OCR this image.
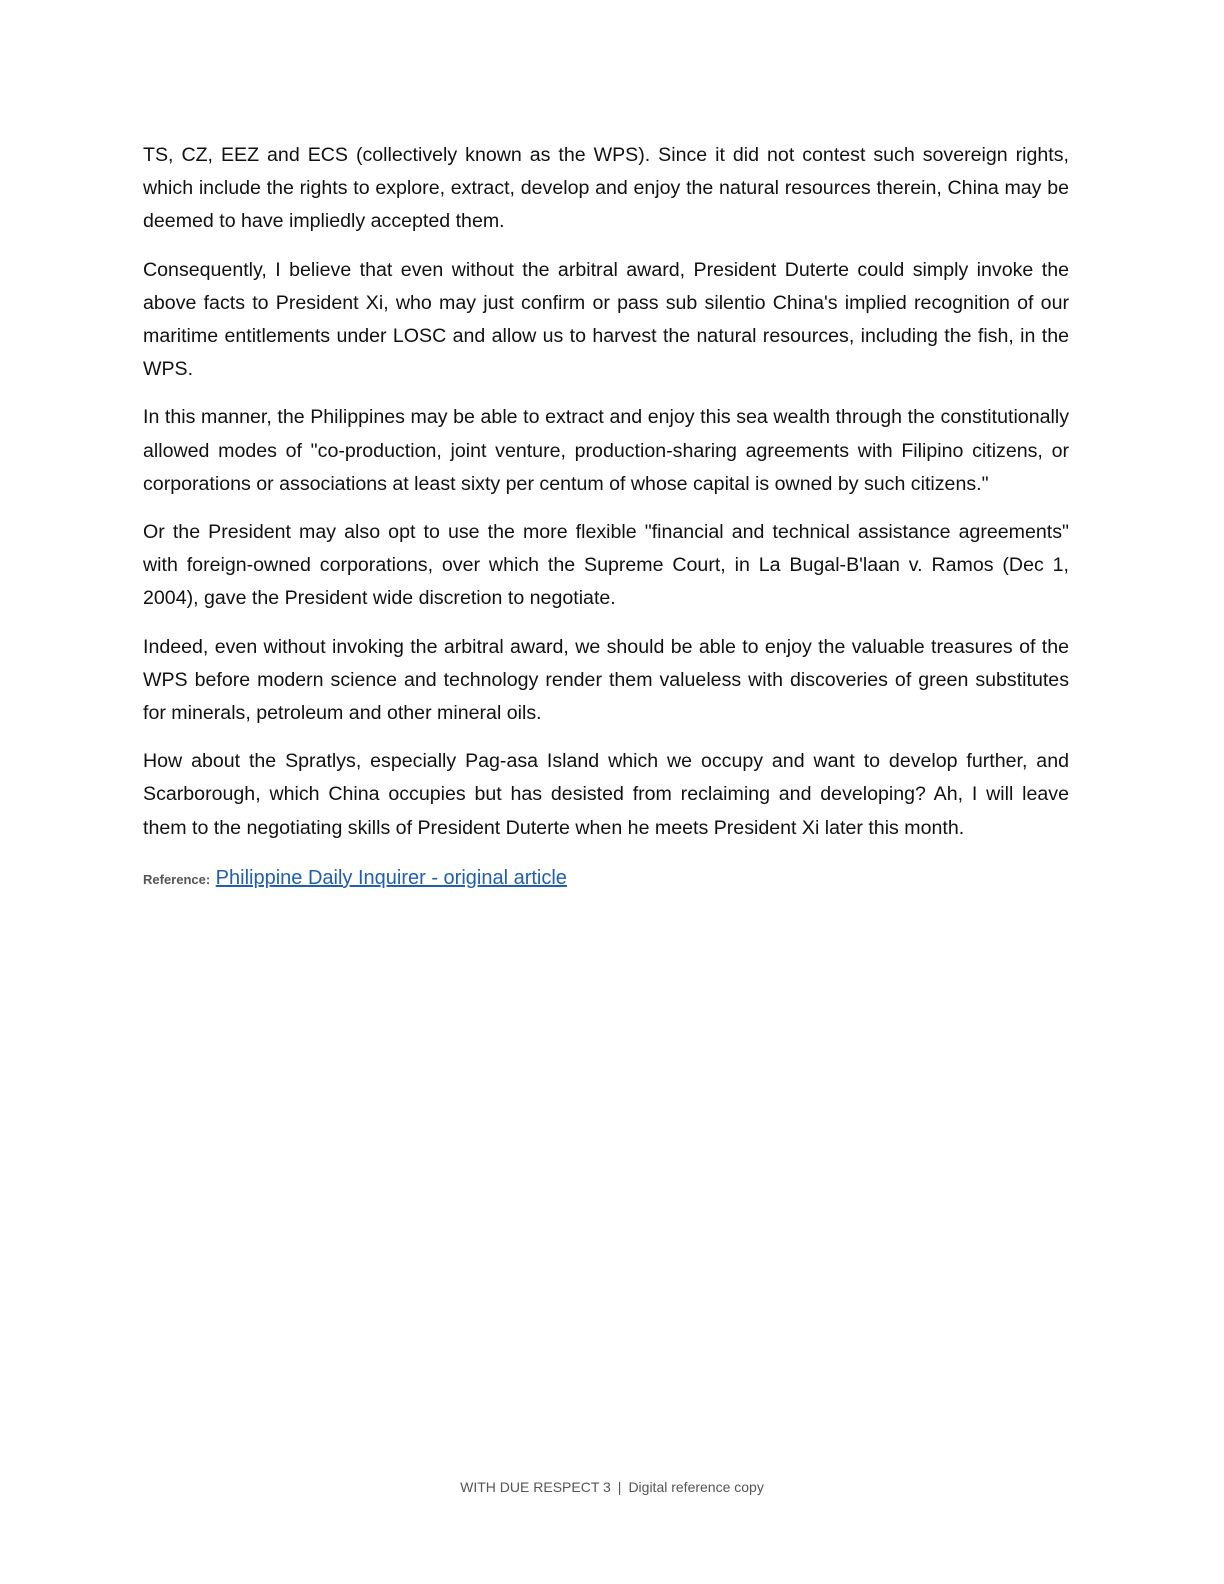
TS, CZ, EEZ and ECS (collectively known as the WPS). Since it did not contest such sovereign rights, which include the rights to explore, extract, develop and enjoy the natural resources therein, China may be deemed to have impliedly accepted them.

Consequently, I believe that even without the arbitral award, President Duterte could simply invoke the above facts to President Xi, who may just confirm or pass sub silentio China's implied recognition of our maritime entitlements under LOSC and allow us to harvest the natural resources, including the fish, in the WPS.

In this manner, the Philippines may be able to extract and enjoy this sea wealth through the constitutionally allowed modes of "co-production, joint venture, production-sharing agreements with Filipino citizens, or corporations or associations at least sixty per centum of whose capital is owned by such citizens."

Or the President may also opt to use the more flexible "financial and technical assistance agreements" with foreign-owned corporations, over which the Supreme Court, in La Bugal-B'laan v. Ramos (Dec 1, 2004), gave the President wide discretion to negotiate.

Indeed, even without invoking the arbitral award, we should be able to enjoy the valuable treasures of the WPS before modern science and technology render them valueless with discoveries of green substitutes for minerals, petroleum and other mineral oils.

How about the Spratlys, especially Pag-asa Island which we occupy and want to develop further, and Scarborough, which China occupies but has desisted from reclaiming and developing? Ah, I will leave them to the negotiating skills of President Duterte when he meets President Xi later this month.

Reference: Philippine Daily Inquirer - original article
WITH DUE RESPECT 3 | Digital reference copy
